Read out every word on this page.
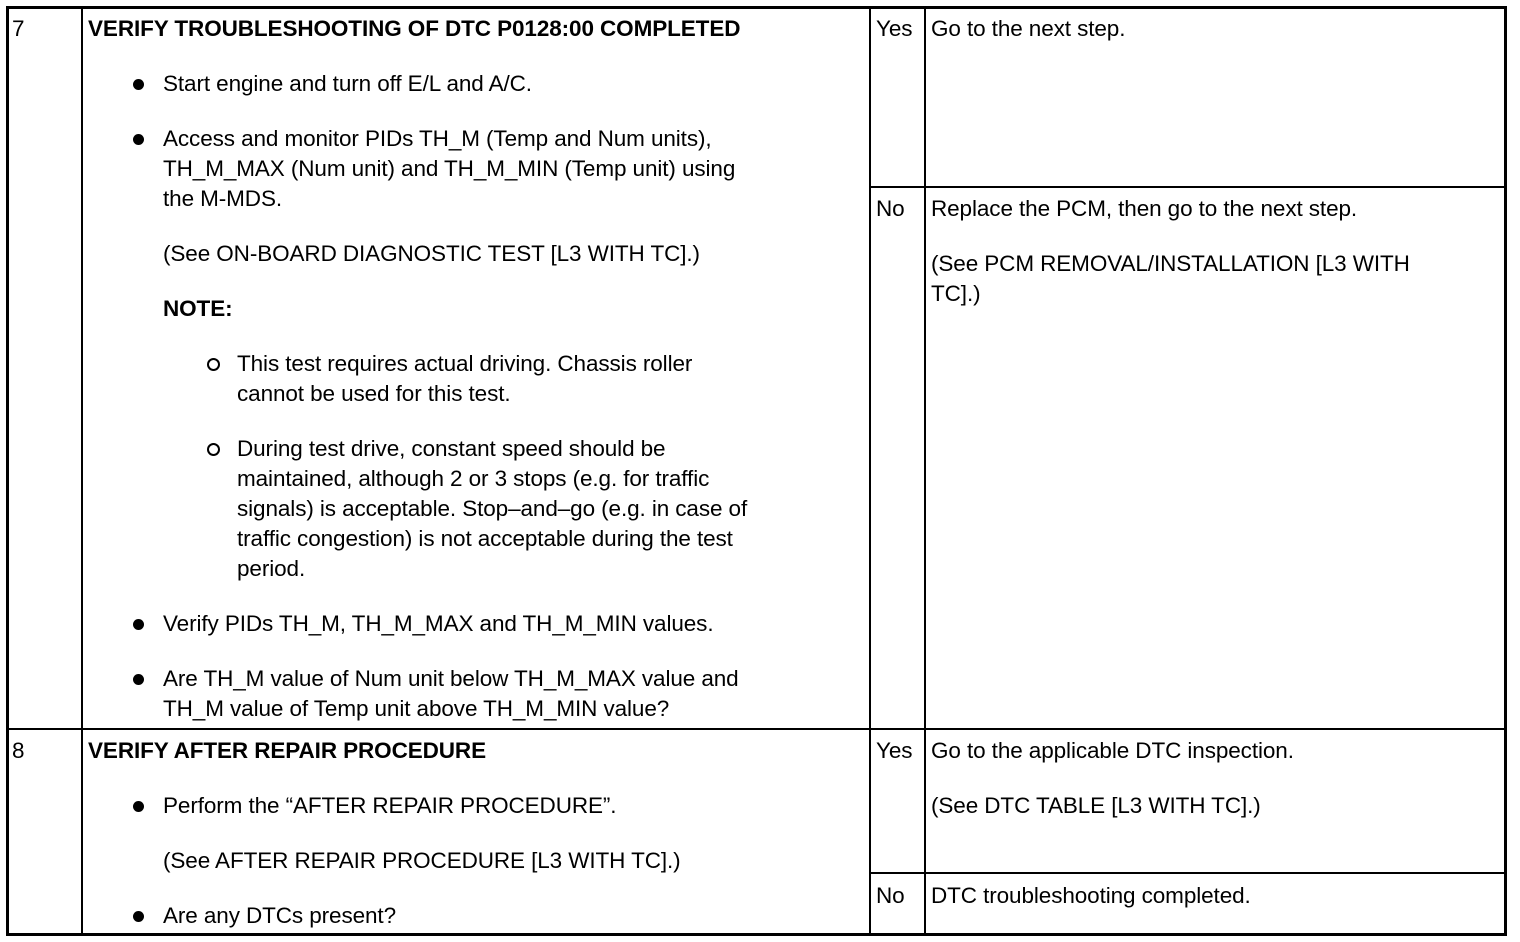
7	VERIFY TROUBLESHOOTING OF DTC P0128:00 COMPLETED
Start engine and turn off E/L and A/C.
Access and monitor PIDs TH_M (Temp and Num units),
TH_M_MAX (Num unit) and TH_M_MIN (Temp unit) using
the M-MDS.
(See ON-BOARD DIAGNOSTIC TEST [L3 WITH TC].)
NOTE:
This test requires actual driving. Chassis roller
cannot be used for this test.
During test drive, constant speed should be
maintained, although 2 or 3 stops (e.g. for traffic
signals) is acceptable. Stop–and–go (e.g. in case of
traffic congestion) is not acceptable during the test
period.
Verify PIDs TH_M, TH_M_MAX and TH_M_MIN values.
Are TH_M value of Num unit below TH_M_MAX value and
TH_M value of Temp unit above TH_M_MIN value?
Yes Go to the next step.
No Replace the PCM, then go to the next step.
(See PCM REMOVAL/INSTALLATION [L3 WITH
TC].)
8	VERIFY AFTER REPAIR PROCEDURE
Perform the “AFTER REPAIR PROCEDURE”.
(See AFTER REPAIR PROCEDURE [L3 WITH TC].)
Are any DTCs present?
Yes Go to the applicable DTC inspection.
(See DTC TABLE [L3 WITH TC].)
No DTC troubleshooting completed.
